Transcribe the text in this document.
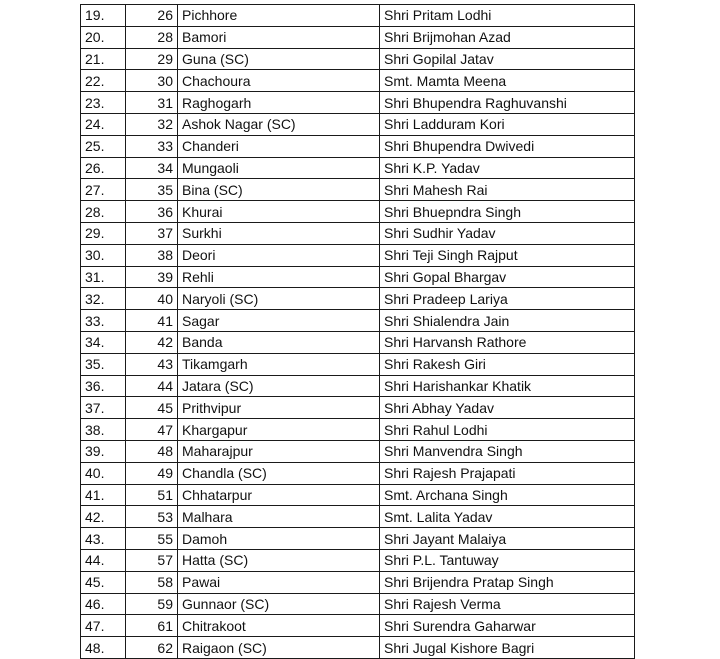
19.	26	Pichhore	Shri Pritam Lodhi
20.	28	Bamori	Shri Brijmohan Azad
21.	29	Guna (SC)	Shri Gopilal Jatav
22.	30	Chachoura	Smt. Mamta Meena
23.	31	Raghogarh	Shri Bhupendra Raghuvanshi
24.	32	Ashok Nagar (SC)	Shri Ladduram Kori
25.	33	Chanderi	Shri Bhupendra Dwivedi
26.	34	Mungaoli	Shri K.P. Yadav
27.	35	Bina (SC)	Shri Mahesh Rai
28.	36	Khurai	Shri Bhuepndra Singh
29.	37	Surkhi	Shri Sudhir Yadav
30.	38	Deori	Shri Teji Singh Rajput
31.	39	Rehli	Shri Gopal Bhargav
32.	40	Naryoli (SC)	Shri Pradeep Lariya
33.	41	Sagar	Shri Shialendra Jain
34.	42	Banda	Shri Harvansh Rathore
35.	43	Tikamgarh	Shri Rakesh Giri
36.	44	Jatara (SC)	Shri Harishankar Khatik
37.	45	Prithvipur	Shri Abhay Yadav
38.	47	Khargapur	Shri Rahul Lodhi
39.	48	Maharajpur	Shri Manvendra Singh
40.	49	Chandla (SC)	Shri Rajesh Prajapati
41.	51	Chhatarpur	Smt. Archana Singh
42.	53	Malhara	Smt. Lalita Yadav
43.	55	Damoh	Shri Jayant Malaiya
44.	57	Hatta (SC)	Shri P.L. Tantuway
45.	58	Pawai	Shri Brijendra Pratap Singh
46.	59	Gunnaor (SC)	Shri Rajesh Verma
47.	61	Chitrakoot	Shri Surendra Gaharwar
48.	62	Raigaon (SC)	Shri Jugal Kishore Bagri
